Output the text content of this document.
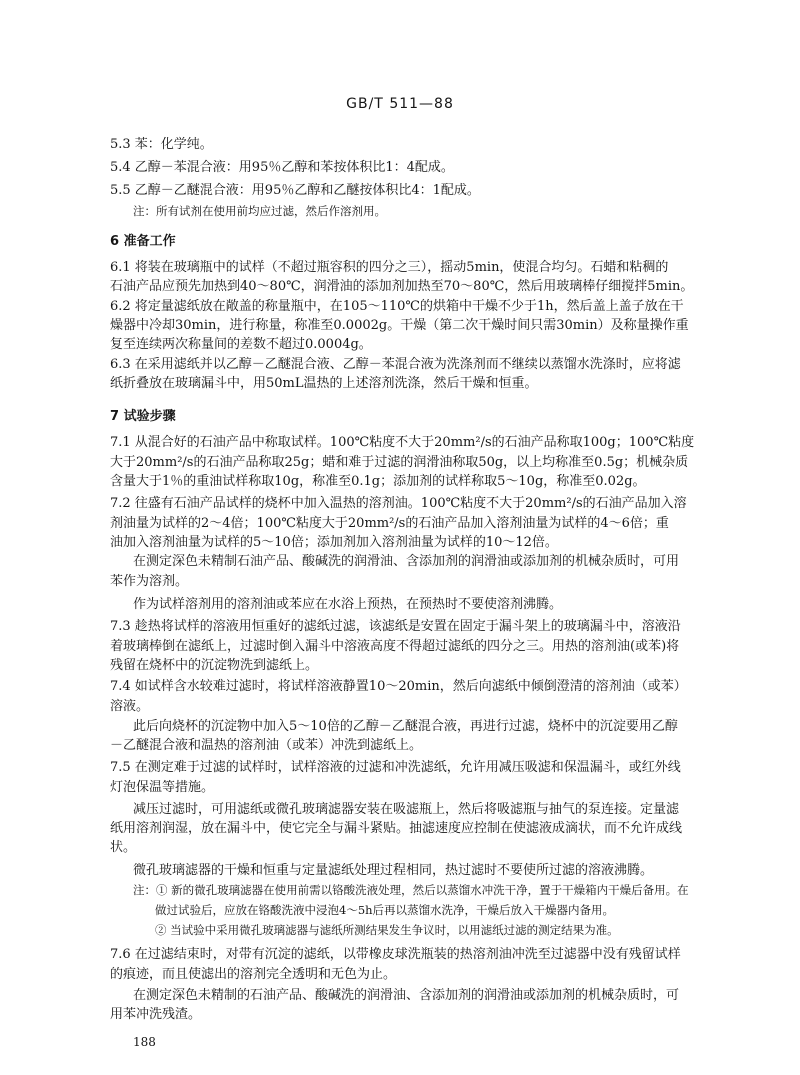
GB/T 511—88
5.3 苯：化学纯。
5.4 乙醇－苯混合液：用95％乙醇和苯按体积比1：4配成。
5.5 乙醇－乙醚混合液：用95％乙醇和乙醚按体积比4：1配成。
注：所有试剂在使用前均应过滤，然后作溶剂用。
6 准备工作
6.1 将装在玻璃瓶中的试样（不超过瓶容积的四分之三），摇动5min，使混合均匀。石蜡和粘稠的
石油产品应预先加热到40～80℃，润滑油的添加剂加热至70～80℃，然后用玻璃棒仔细搅拌5min。
6.2 将定量滤纸放在敞盖的称量瓶中，在105～110℃的烘箱中干燥不少于1h，然后盖上盖子放在干
燥器中冷却30min，进行称量，称准至0.0002g。干燥（第二次干燥时间只需30min）及称量操作重
复至连续两次称量间的差数不超过0.0004g。
6.3 在采用滤纸并以乙醇－乙醚混合液、乙醇－苯混合液为洗涤剂而不继续以蒸馏水洗涤时，应将滤
纸折叠放在玻璃漏斗中，用50mL温热的上述溶剂洗涤，然后干燥和恒重。
7 试验步骤
7.1 从混合好的石油产品中称取试样。100℃粘度不大于20mm²/s的石油产品称取100g；100℃粘度
大于20mm²/s的石油产品称取25g；蜡和难于过滤的润滑油称取50g，以上均称准至0.5g；机械杂质
含量大于1％的重油试样称取10g，称准至0.1g；添加剂的试样称取5～10g，称准至0.02g。
7.2 往盛有石油产品试样的烧杯中加入温热的溶剂油。100℃粘度不大于20mm²/s的石油产品加入溶
剂油量为试样的2～4倍；100℃粘度大于20mm²/s的石油产品加入溶剂油量为试样的4～6倍；重
油加入溶剂油量为试样的5～10倍；添加剂加入溶剂油量为试样的10～12倍。
在测定深色未精制石油产品、酸碱洗的润滑油、含添加剂的润滑油或添加剂的机械杂质时，可用
苯作为溶剂。
作为试样溶剂用的溶剂油或苯应在水浴上预热，在预热时不要使溶剂沸腾。
7.3 趁热将试样的溶液用恒重好的滤纸过滤，该滤纸是安置在固定于漏斗架上的玻璃漏斗中，溶液沿
着玻璃棒倒在滤纸上，过滤时倒入漏斗中溶液高度不得超过滤纸的四分之三。用热的溶剂油(或苯)将
残留在烧杯中的沉淀物洗到滤纸上。
7.4 如试样含水较难过滤时，将试样溶液静置10～20min，然后向滤纸中倾倒澄清的溶剂油（或苯）
溶液。
此后向烧杯的沉淀物中加入5～10倍的乙醇－乙醚混合液，再进行过滤，烧杯中的沉淀要用乙醇
－乙醚混合液和温热的溶剂油（或苯）冲洗到滤纸上。
7.5 在测定难于过滤的试样时，试样溶液的过滤和冲洗滤纸，允许用减压吸滤和保温漏斗，或红外线
灯泡保温等措施。
减压过滤时，可用滤纸或微孔玻璃滤器安装在吸滤瓶上，然后将吸滤瓶与抽气的泵连接。定量滤
纸用溶剂润湿，放在漏斗中，使它完全与漏斗紧贴。抽滤速度应控制在使滤液成滴状，而不允许成线
状。
微孔玻璃滤器的干燥和恒重与定量滤纸处理过程相同，热过滤时不要使所过滤的溶液沸腾。
注：① 新的微孔玻璃滤器在使用前需以铬酸洗液处理，然后以蒸馏水冲洗干净，置于干燥箱内干燥后备用。在
做过试验后，应放在铬酸洗液中浸泡4～5h后再以蒸馏水洗净，干燥后放入干燥器内备用。
② 当试验中采用微孔玻璃滤器与滤纸所测结果发生争议时，以用滤纸过滤的测定结果为准。
7.6 在过滤结束时，对带有沉淀的滤纸，以带橡皮球洗瓶装的热溶剂油冲洗至过滤器中没有残留试样
的痕迹，而且使滤出的溶剂完全透明和无色为止。
在测定深色未精制的石油产品、酸碱洗的润滑油、含添加剂的润滑油或添加剂的机械杂质时，可
用苯冲洗残渣。
188
